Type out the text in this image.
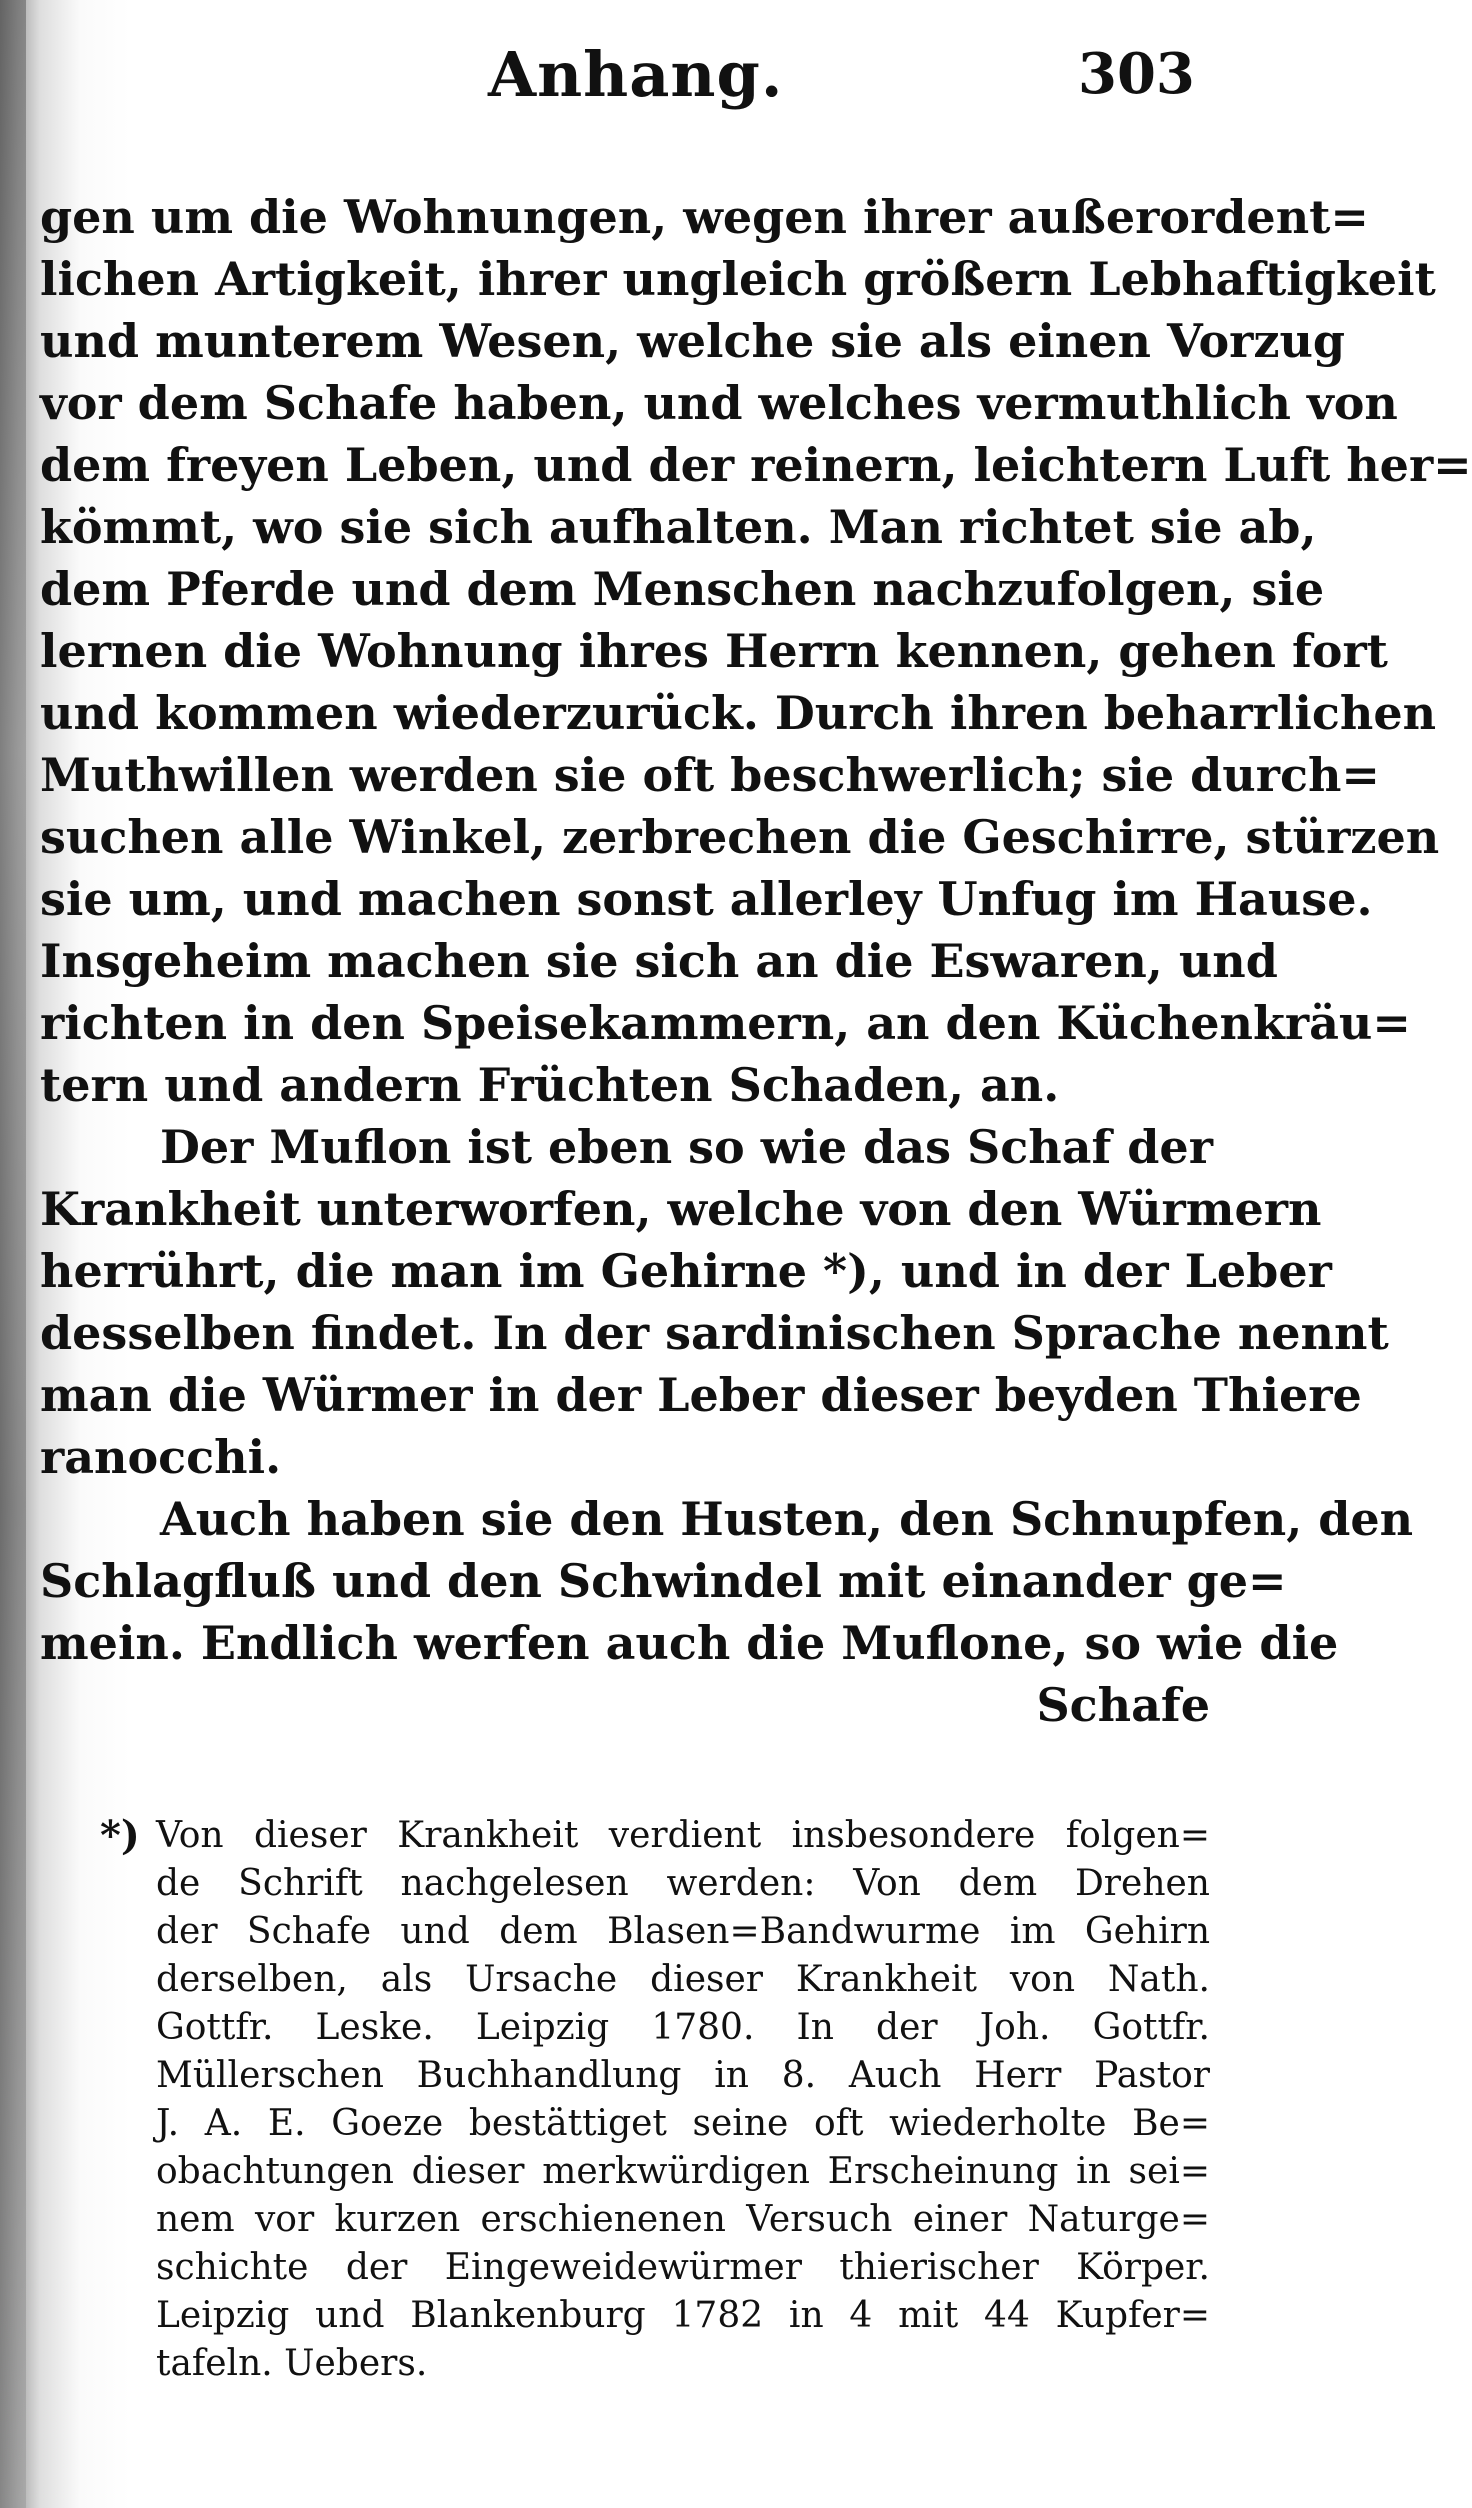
Anhang.	303
gen um die Wohnungen, wegen ihrer außerordent=
lichen Artigkeit, ihrer ungleich größern Lebhaftigkeit
und munterem Wesen, welche sie als einen Vorzug
vor dem Schafe haben, und welches vermuthlich von
dem freyen Leben, und der reinern, leichtern Luft her=
kömmt, wo sie sich aufhalten. Man richtet sie ab,
dem Pferde und dem Menschen nachzufolgen, sie
lernen die Wohnung ihres Herrn kennen, gehen fort
und kommen wiederzurück. Durch ihren beharrlichen
Muthwillen werden sie oft beschwerlich; sie durch=
suchen alle Winkel, zerbrechen die Geschirre, stürzen
sie um, und machen sonst allerley Unfug im Hause.
Insgeheim machen sie sich an die Eswaren, und
richten in den Speisekammern, an den Küchenkräu=
tern und andern Früchten Schaden, an.
Der Muflon ist eben so wie das Schaf der
Krankheit unterworfen, welche von den Würmern
herrührt, die man im Gehirne *), und in der Leber
desselben findet. In der sardinischen Sprache nennt
man die Würmer in der Leber dieser beyden Thiere
ranocchi.
Auch haben sie den Husten, den Schnupfen, den
Schlagfluß und den Schwindel mit einander ge=
mein. Endlich werfen auch die Muflone, so wie die
Schafe
*) Von dieser Krankheit verdient insbesondere folgen=
de Schrift nachgelesen werden: Von dem Drehen
der Schafe und dem Blasen=Bandwurme im Gehirn
derselben, als Ursache dieser Krankheit von Nath.
Gottfr. Leske. Leipzig 1780. In der Joh. Gottfr.
Müllerschen Buchhandlung in 8. Auch Herr Pastor
J. A. E. Goeze bestättiget seine oft wiederholte Be=
obachtungen dieser merkwürdigen Erscheinung in sei=
nem vor kurzen erschienenen Versuch einer Naturge=
schichte der Eingeweidewürmer thierischer Körper.
Leipzig und Blankenburg 1782 in 4 mit 44 Kupfer=
tafeln. Uebers.
